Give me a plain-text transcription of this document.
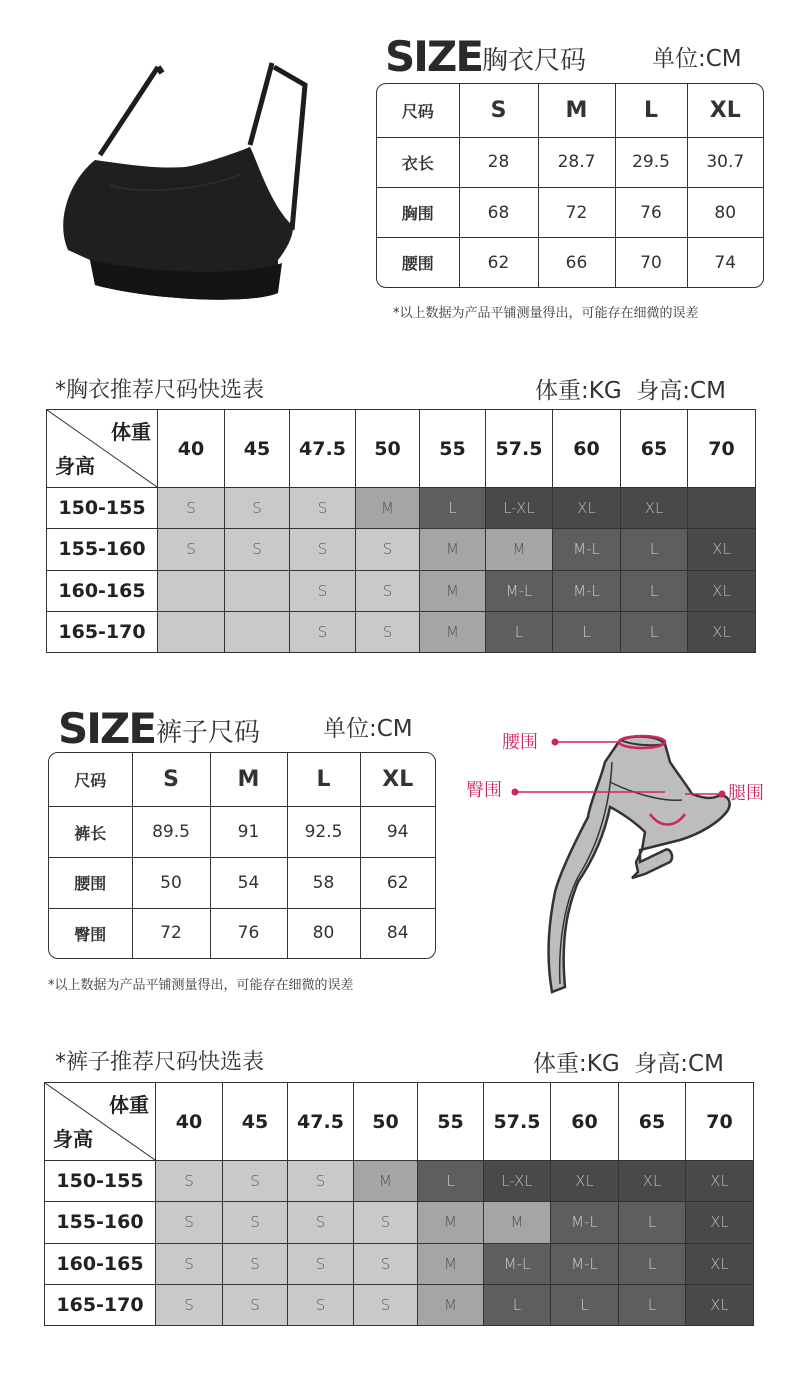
SIZE 胸衣尺码	单位:CM
尺码	S	M	L	XL
衣长	28	28.7	29.5	30.7
胸围	68	72	76	80
腰围	62	66	70	74
*以上数据为产品平铺测量得出，可能存在细微的误差
*胸衣推荐尺码快选表	体重:KG  身高:CM
体重
身高	40	45	47.5	50	55	57.5	60	65	70
150-155	S	S	S	M	L	L-XL	XL	XL	
155-160	S	S	S	S	M	M	M-L	L	XL
160-165			S	S	M	M-L	M-L	L	XL
165-170			S	S	M	L	L	L	XL
SIZE 裤子尺码	单位:CM
尺码	S	M	L	XL
裤长	89.5	91	92.5	94
腰围	50	54	58	62
臀围	72	76	80	84
*以上数据为产品平铺测量得出，可能存在细微的误差
腰围
臀围	腿围
*裤子推荐尺码快选表	体重:KG  身高:CM
体重
身高	40	45	47.5	50	55	57.5	60	65	70
150-155	S	S	S	M	L	L-XL	XL	XL	XL
155-160	S	S	S	S	M	M	M-L	L	XL
160-165	S	S	S	S	M	M-L	M-L	L	XL
165-170	S	S	S	S	M	L	L	L	XL
